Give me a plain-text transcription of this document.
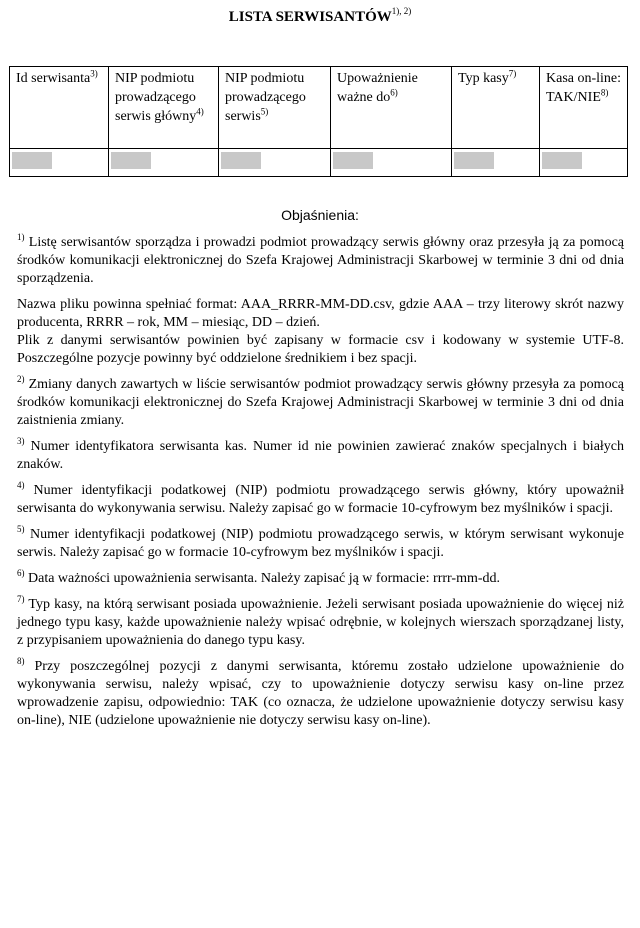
LISTA $SERWISANTÓW^{1), 2)}$
Id serwisanta$^{3)}$	NIP podmiotu prowadzącego serwis główny$^{4)}$	NIP podmiotu prowadzącego serwis$^{5)}$	Upoważnienie ważne $do^{6)}$	Typ kasy$^{7)}$	Kasa on-line: TAK/NIE$^{8)}$

Objaśnienia:

$^{1)}$ Listę serwisantów sporządza i prowadzi podmiot prowadzący serwis główny oraz przesyła ją za pomocą środków komunikacji elektronicznej do Szefa Krajowej Administracji Skarbowej w terminie 3 dni od dnia sporządzenia.

Nazwa pliku powinna spełniać format: AAA_RRRR-MM-DD.csv, gdzie AAA – trzy literowy skrót nazwy producenta, RRRR – rok, MM – miesiąc, DD – dzień.

Plik z danymi serwisantów powinien być zapisany w formacie csv i kodowany w systemie UTF-8. Poszczególne pozycje powinny być oddzielone średnikiem i bez spacji.

$^{2)}$ Zmiany danych zawartych w liście serwisantów podmiot prowadzący serwis główny przesyła za pomocą środków komunikacji elektronicznej do Szefa Krajowej Administracji Skarbowej w terminie 3 dni od dnia zaistnienia zmiany.

$^{3)}$ Numer identyfikatora serwisanta kas. Numer id nie powinien zawierać znaków specjalnych i białych znaków.

$^{4)}$ Numer identyfikacji podatkowej (NIP) podmiotu prowadzącego serwis główny, który upoważnił serwisanta do wykonywania serwisu. Należy zapisać go w formacie 10-cyfrowym bez myślników i spacji.

$^{5)}$ Numer identyfikacji podatkowej (NIP) podmiotu prowadzącego serwis, w którym serwisant wykonuje serwis. Należy zapisać go w formacie 10-cyfrowym bez myślników i spacji.

$^{6)}$ Data ważności upoważnienia serwisanta. Należy zapisać ją w formacie: rrrr-mm-dd.

$^{7)}$ Typ kasy, na którą serwisant posiada upoważnienie. Jeżeli serwisant posiada upoważnienie do więcej niż jednego typu kasy, każde upoważnienie należy wpisać odrębnie, w kolejnych wierszach sporządzanej listy, z przypisaniem upoważnienia do danego typu kasy.

$^{8)}$ Przy poszczególnej pozycji z danymi serwisanta, któremu zostało udzielone upoważnienie do wykonywania serwisu, należy wpisać, czy to upoważnienie dotyczy serwisu kasy on-line przez wprowadzenie zapisu, odpowiednio: TAK (co oznacza, że udzielone upoważnienie dotyczy serwisu kasy on-line), NIE (udzielone upoważnienie nie dotyczy serwisu kasy on-line).
